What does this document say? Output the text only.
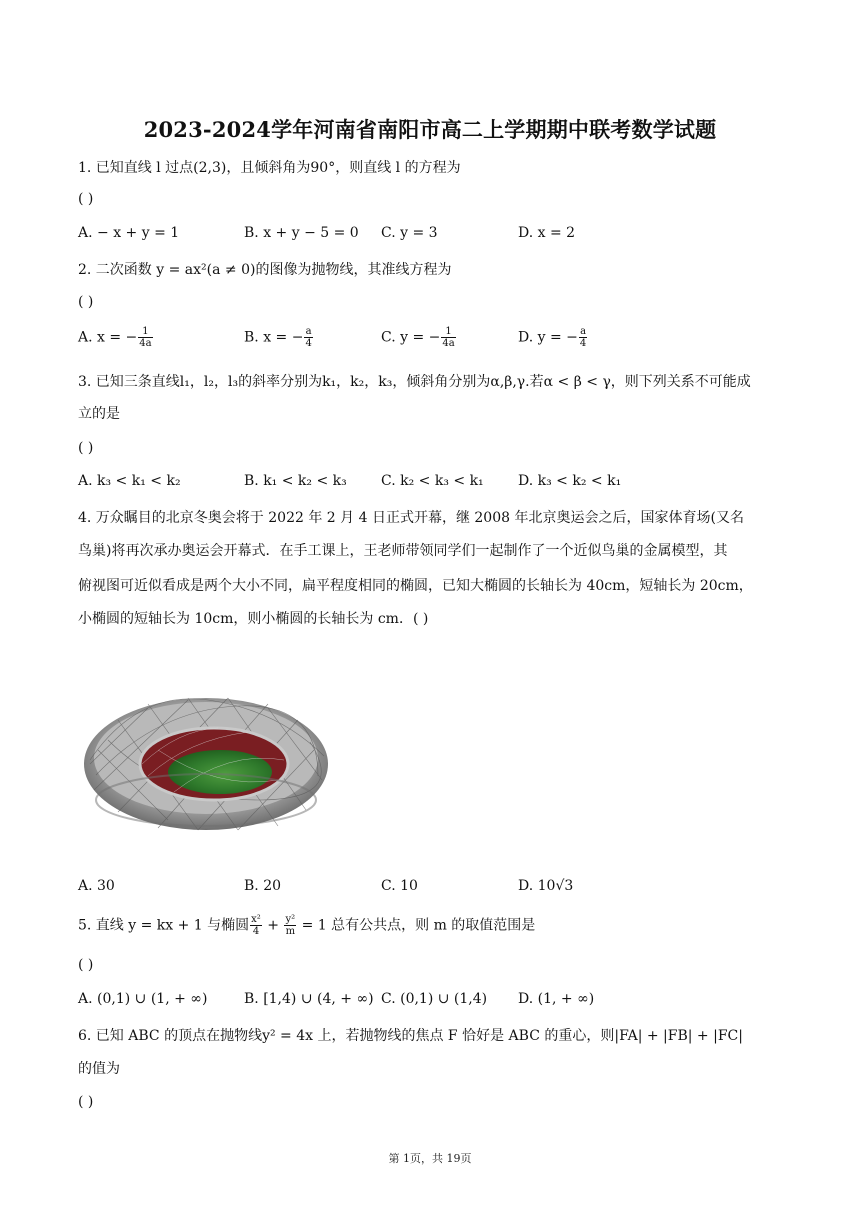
2023-2024学年河南省南阳市高二上学期期中联考数学试题
1. 已知直线 l 过点(2,3)，且倾斜角为90°，则直线 l 的方程为
( )
A. − x + y = 1	B. x + y − 5 = 0 C. y = 3	D. x = 2
2. 二次函数 y = ax²(a ≠ 0)的图像为抛物线，其准线方程为
( )
A. x = − $\frac{1}{4a}$	B. x = − $\frac{a}{4}$	C. y = − $\frac{1}{4a}$	D. y = − $\frac{a}{4}$
3. 已知三条直线l₁，l₂，l₃的斜率分别为k₁，k₂，k₃，倾斜角分别为α,β,γ.若α < β < γ，则下列关系不可能成
立的是
( )
A. k₃ < k₁ < k₂	B. k₁ < k₂ < k₃ C. k₂ < k₃ < k₁ D. k₃ < k₂ < k₁
4. 万众瞩目的北京冬奥会将于 2022 年 2 月 4 日正式开幕，继 2008 年北京奥运会之后，国家体育场(又名
鸟巢)将再次承办奥运会开幕式．在手工课上，王老师带领同学们一起制作了一个近似鸟巢的金属模型，其
俯视图可近似看成是两个大小不同，扁平程度相同的椭圆，已知大椭圆的长轴长为 40cm，短轴长为 20cm，
小椭圆的短轴长为 10cm，则小椭圆的长轴长为 cm．( )
A. 30	B. 20	C. 10	D. 10√3
5. 直线 y = kx + 1 与椭圆 $\frac{\text{x²}}{4} + \frac{\text{y²}}{m} = 1$ 总有公共点，则 m 的取值范围是
( )
A. (0,1) ∪ (1, + ∞)	B. [1,4) ∪ (4, + ∞) C. (0,1) ∪ (1,4) D. (1, + ∞)
6. 已知 ABC 的顶点在抛物线y² = 4x 上，若抛物线的焦点 F 恰好是 ABC 的重心，则|FA| + |FB| + |FC|
的值为
( )
第 1页，共 19页
